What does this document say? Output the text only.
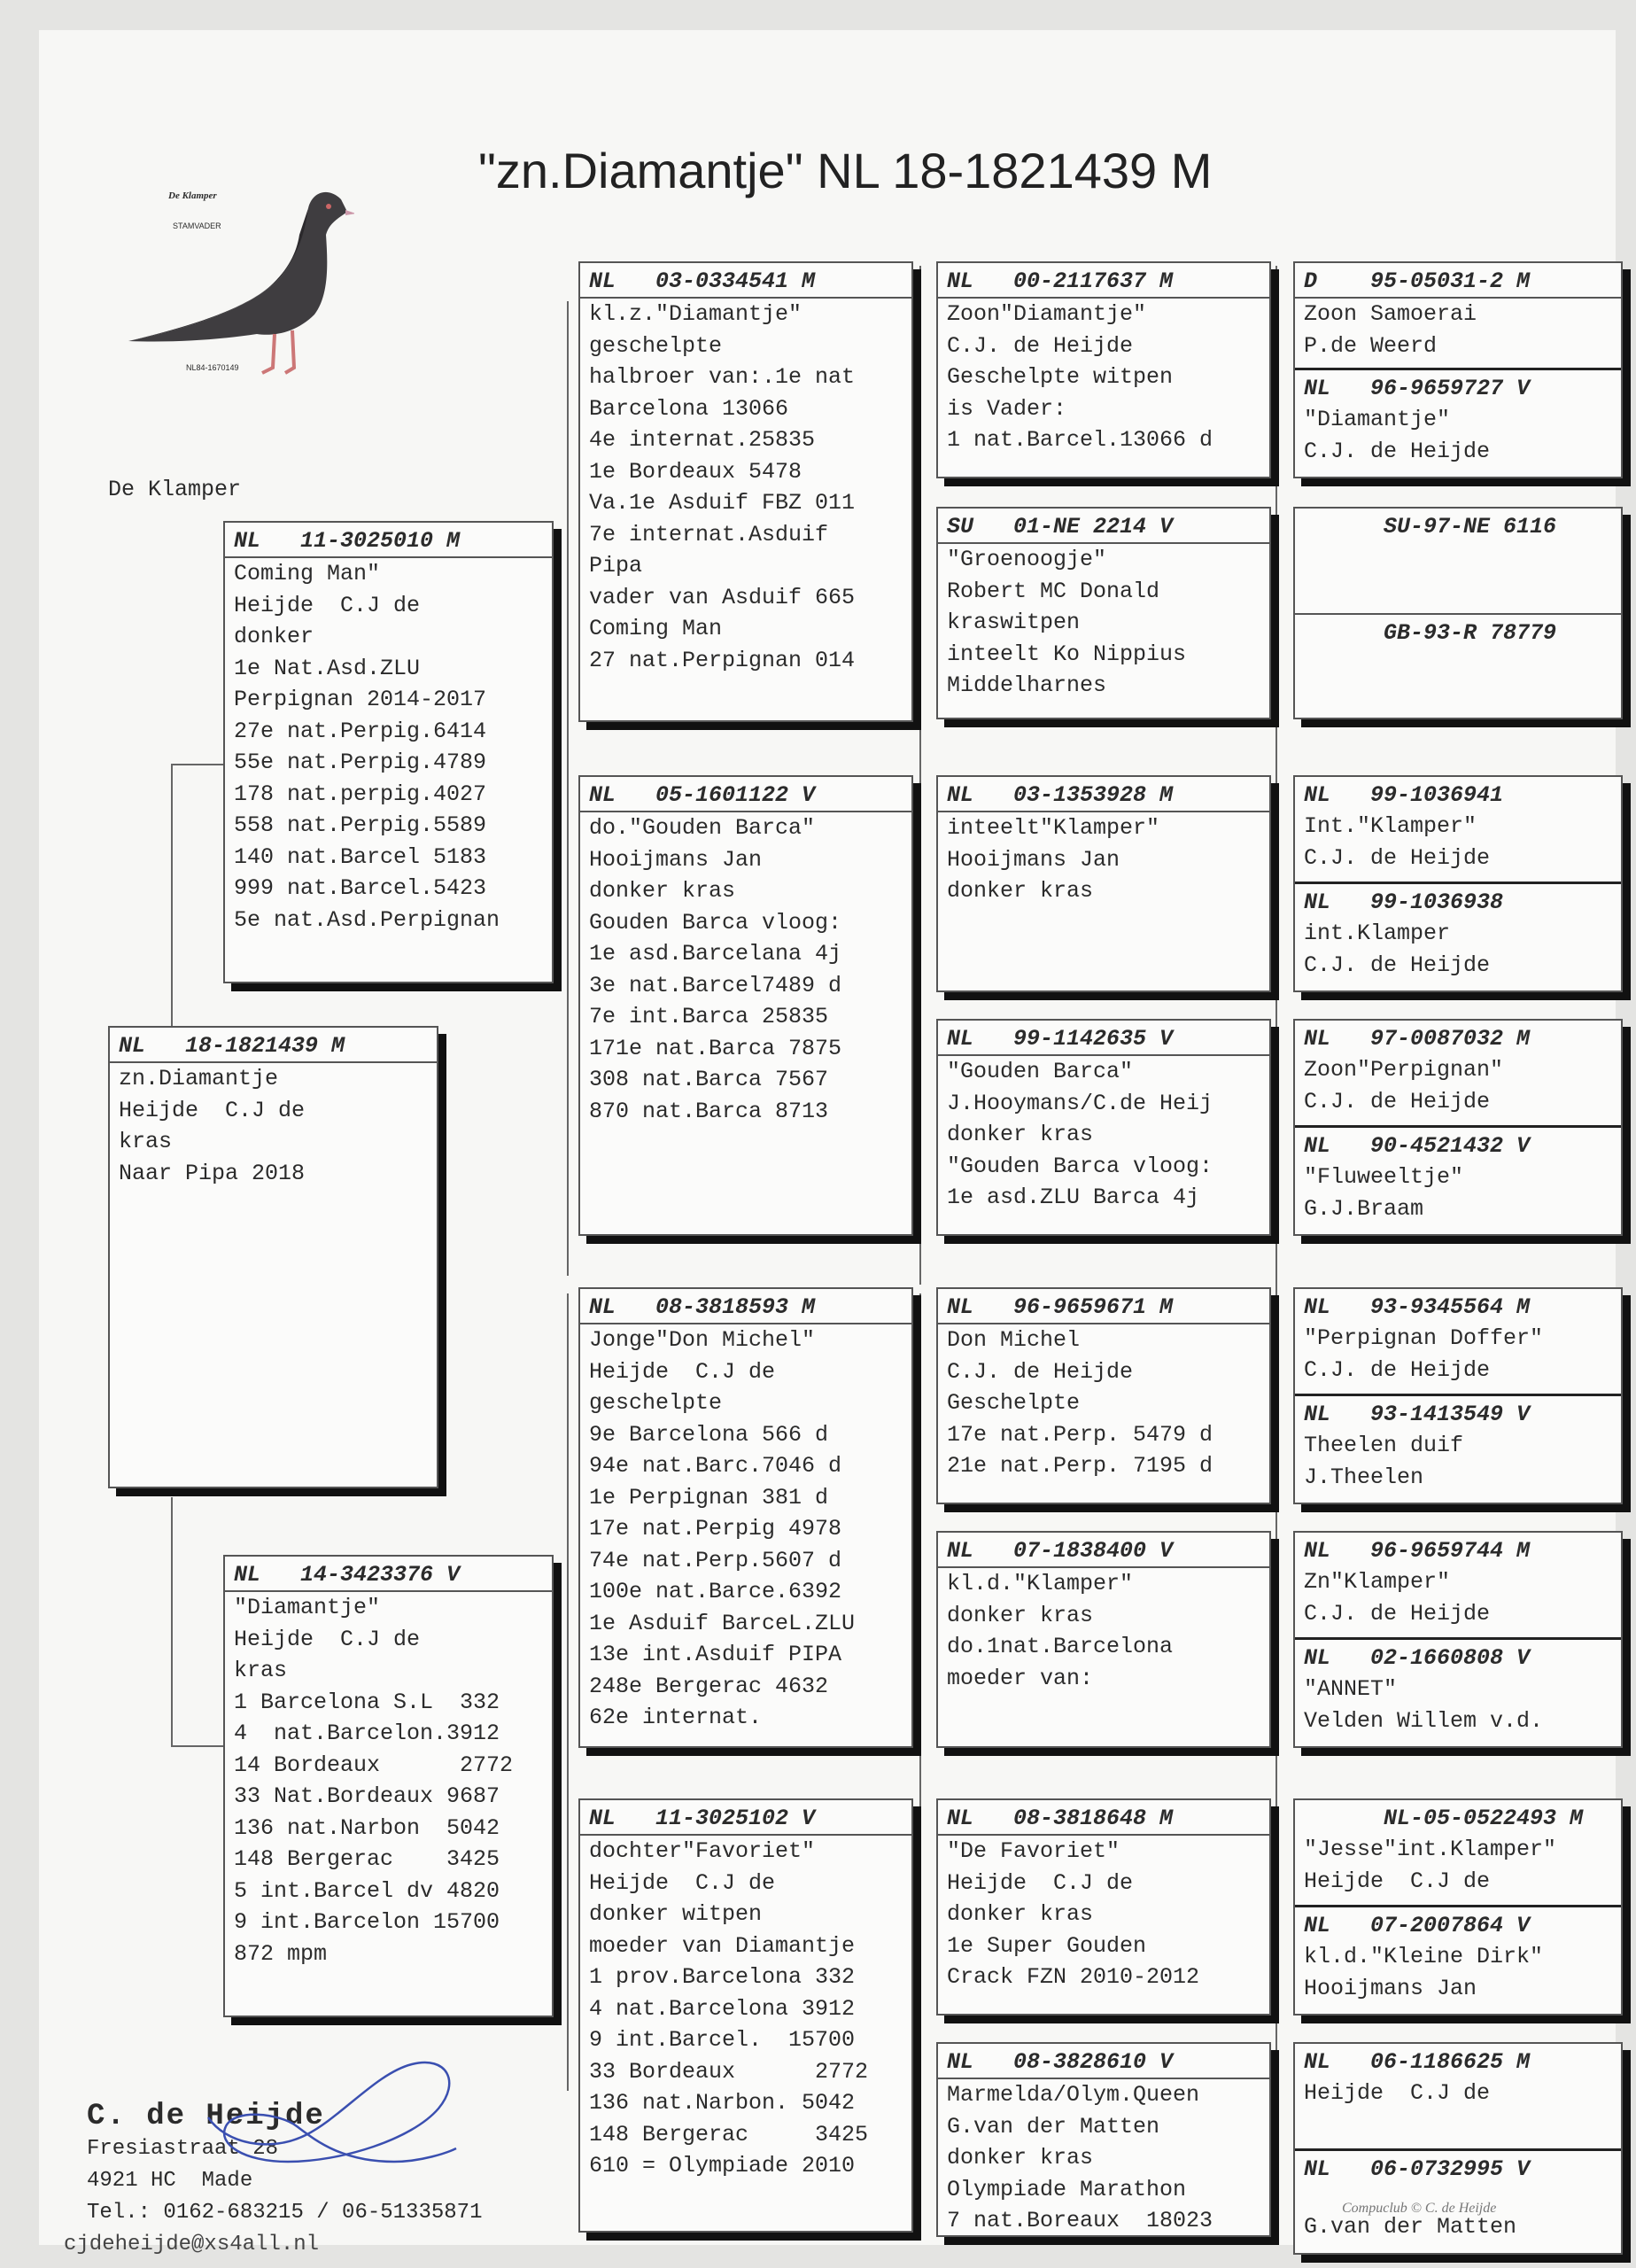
"zn.Diamantje" NL 18-1821439 M
De Klamper
STAMVADER
NL84-1670149
De Klamper
NL   18-1821439 M
zn.Diamantje
Heijde  C.J de
kras
Naar Pipa 2018
NL   11-3025010 M
Coming Man"
Heijde  C.J de
donker
1e Nat.Asd.ZLU
Perpignan 2014-2017
27e nat.Perpig.6414
55e nat.Perpig.4789
178 nat.perpig.4027
558 nat.Perpig.5589
140 nat.Barcel 5183
999 nat.Barcel.5423
5e nat.Asd.Perpignan
NL   14-3423376 V
"Diamantje"
Heijde  C.J de
kras
1 Barcelona S.L  332
4  nat.Barcelon.3912
14 Bordeaux      2772
33 Nat.Bordeaux 9687
136 nat.Narbon  5042
148 Bergerac    3425
5 int.Barcel dv 4820
9 int.Barcelon 15700
872 mpm
NL   03-0334541 M
kl.z."Diamantje"
geschelpte
halbroer van:.1e nat
Barcelona 13066
4e internat.25835
1e Bordeaux 5478
Va.1e Asduif FBZ 011
7e internat.Asduif
Pipa
vader van Asduif 665
Coming Man
27 nat.Perpignan 014
NL   05-1601122 V
do."Gouden Barca"
Hooijmans Jan
donker kras
Gouden Barca vloog:
1e asd.Barcelana 4j
3e nat.Barcel7489 d
7e int.Barca 25835
171e nat.Barca 7875
308 nat.Barca 7567
870 nat.Barca 8713
NL   08-3818593 M
Jonge"Don Michel"
Heijde  C.J de
geschelpte
9e Barcelona 566 d
94e nat.Barc.7046 d
1e Perpignan 381 d
17e nat.Perpig 4978
74e nat.Perp.5607 d
100e nat.Barce.6392
1e Asduif BarceL.ZLU
13e int.Asduif PIPA
248e Bergerac 4632
62e internat.
NL   11-3025102 V
dochter"Favoriet"
Heijde  C.J de
donker witpen
moeder van Diamantje
1 prov.Barcelona 332
4 nat.Barcelona 3912
9 int.Barcel.  15700
33 Bordeaux      2772
136 nat.Narbon. 5042
148 Bergerac     3425
610 = Olympiade 2010
NL   00-2117637 M
Zoon"Diamantje"
C.J. de Heijde
Geschelpte witpen
is Vader:
1 nat.Barcel.13066 d
SU   01-NE 2214 V
"Groenoogje"
Robert MC Donald
kraswitpen
inteelt Ko Nippius
Middelharnes
NL   03-1353928 M
inteelt"Klamper"
Hooijmans Jan
donker kras
NL   99-1142635 V
"Gouden Barca"
J.Hooymans/C.de Heij
donker kras
"Gouden Barca vloog:
1e asd.ZLU Barca 4j
NL   96-9659671 M
Don Michel
C.J. de Heijde
Geschelpte
17e nat.Perp. 5479 d
21e nat.Perp. 7195 d
NL   07-1838400 V
kl.d."Klamper"
donker kras
do.1nat.Barcelona
moeder van:
NL   08-3818648 M
"De Favoriet"
Heijde  C.J de
donker kras
1e Super Gouden
Crack FZN 2010-2012
NL   08-3828610 V
Marmelda/Olym.Queen
G.van der Matten
donker kras
Olympiade Marathon
7 nat.Boreaux  18023
D    95-05031-2 M
Zoon Samoerai
P.de Weerd
NL   96-9659727 V
"Diamantje"
C.J. de Heijde
SU-97-NE 6116
GB-93-R 78779
NL   99-1036941
Int."Klamper"
C.J. de Heijde
NL   99-1036938
int.Klamper
C.J. de Heijde
NL   97-0087032 M
Zoon"Perpignan"
C.J. de Heijde
NL   90-4521432 V
"Fluweeltje"
G.J.Braam
NL   93-9345564 M
"Perpignan Doffer"
C.J. de Heijde
NL   93-1413549 V
Theelen duif
J.Theelen
NL   96-9659744 M
Zn"Klamper"
C.J. de Heijde
NL   02-1660808 V
"ANNET"
Velden Willem v.d.
NL-05-0522493 M
"Jesse"int.Klamper"
Heijde  C.J de
NL   07-2007864 V
kl.d."Kleine Dirk"
Hooijmans Jan
NL   06-1186625 M
Heijde  C.J de
NL   06-0732995 V
G.van der Matten
Compuclub © C. de Heijde
C. de Heijde
Fresiastraat 28
4921 HC  Made
Tel.: 0162-683215 / 06-51335871
cjdeheijde@xs4all.nl
